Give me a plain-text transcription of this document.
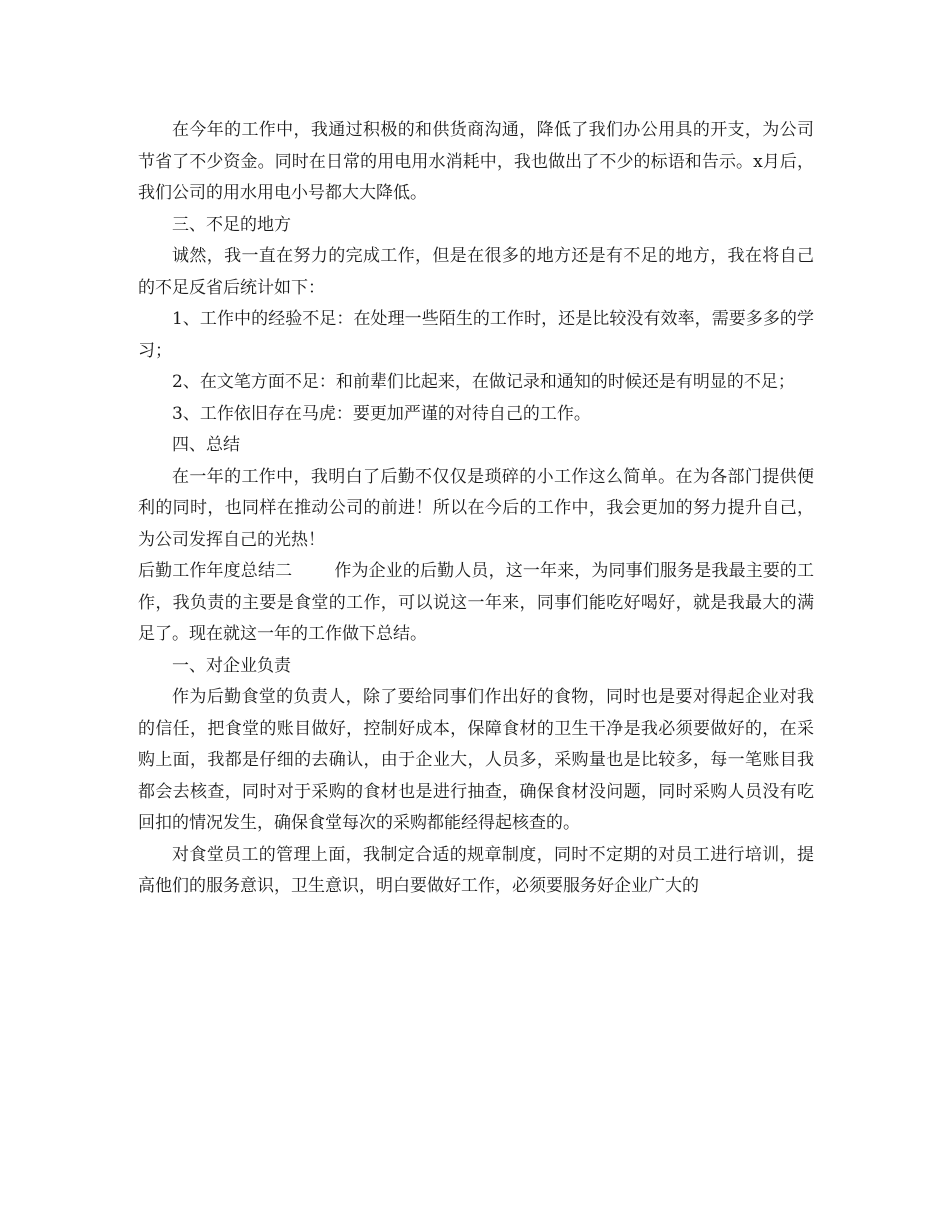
在今年的工作中，我通过积极的和供货商沟通，降低了我们办公用具的开支，为公司节省了不少资金。同时在日常的用电用水消耗中，我也做出了不少的标语和告示。x月后，我们公司的用水用电小号都大大降低。

三、不足的地方

诚然，我一直在努力的完成工作，但是在很多的地方还是有不足的地方，我在将自己的不足反省后统计如下：

1、工作中的经验不足：在处理一些陌生的工作时，还是比较没有效率，需要多多的学习；

2、在文笔方面不足：和前辈们比起来，在做记录和通知的时候还是有明显的不足；

3、工作依旧存在马虎：要更加严谨的对待自己的工作。

四、总结

在一年的工作中，我明白了后勤不仅仅是琐碎的小工作这么简单。在为各部门提供便利的同时，也同样在推动公司的前进！所以在今后的工作中，我会更加的努力提升自己，为公司发挥自己的光热！

后勤工作年度总结二 作为企业的后勤人员，这一年来，为同事们服务是我最主要的工作，我负责的主要是食堂的工作，可以说这一年来，同事们能吃好喝好，就是我最大的满足了。现在就这一年的工作做下总结。

一、对企业负责

作为后勤食堂的负责人，除了要给同事们作出好的食物，同时也是要对得起企业对我的信任，把食堂的账目做好，控制好成本，保障食材的卫生干净是我必须要做好的，在采购上面，我都是仔细的去确认，由于企业大，人员多，采购量也是比较多，每一笔账目我都会去核查，同时对于采购的食材也是进行抽查，确保食材没问题，同时采购人员没有吃回扣的情况发生，确保食堂每次的采购都能经得起核查的。

对食堂员工的管理上面，我制定合适的规章制度，同时不定期的对员工进行培训，提高他们的服务意识，卫生意识，明白要做好工作，必须要服务好企业广大的
